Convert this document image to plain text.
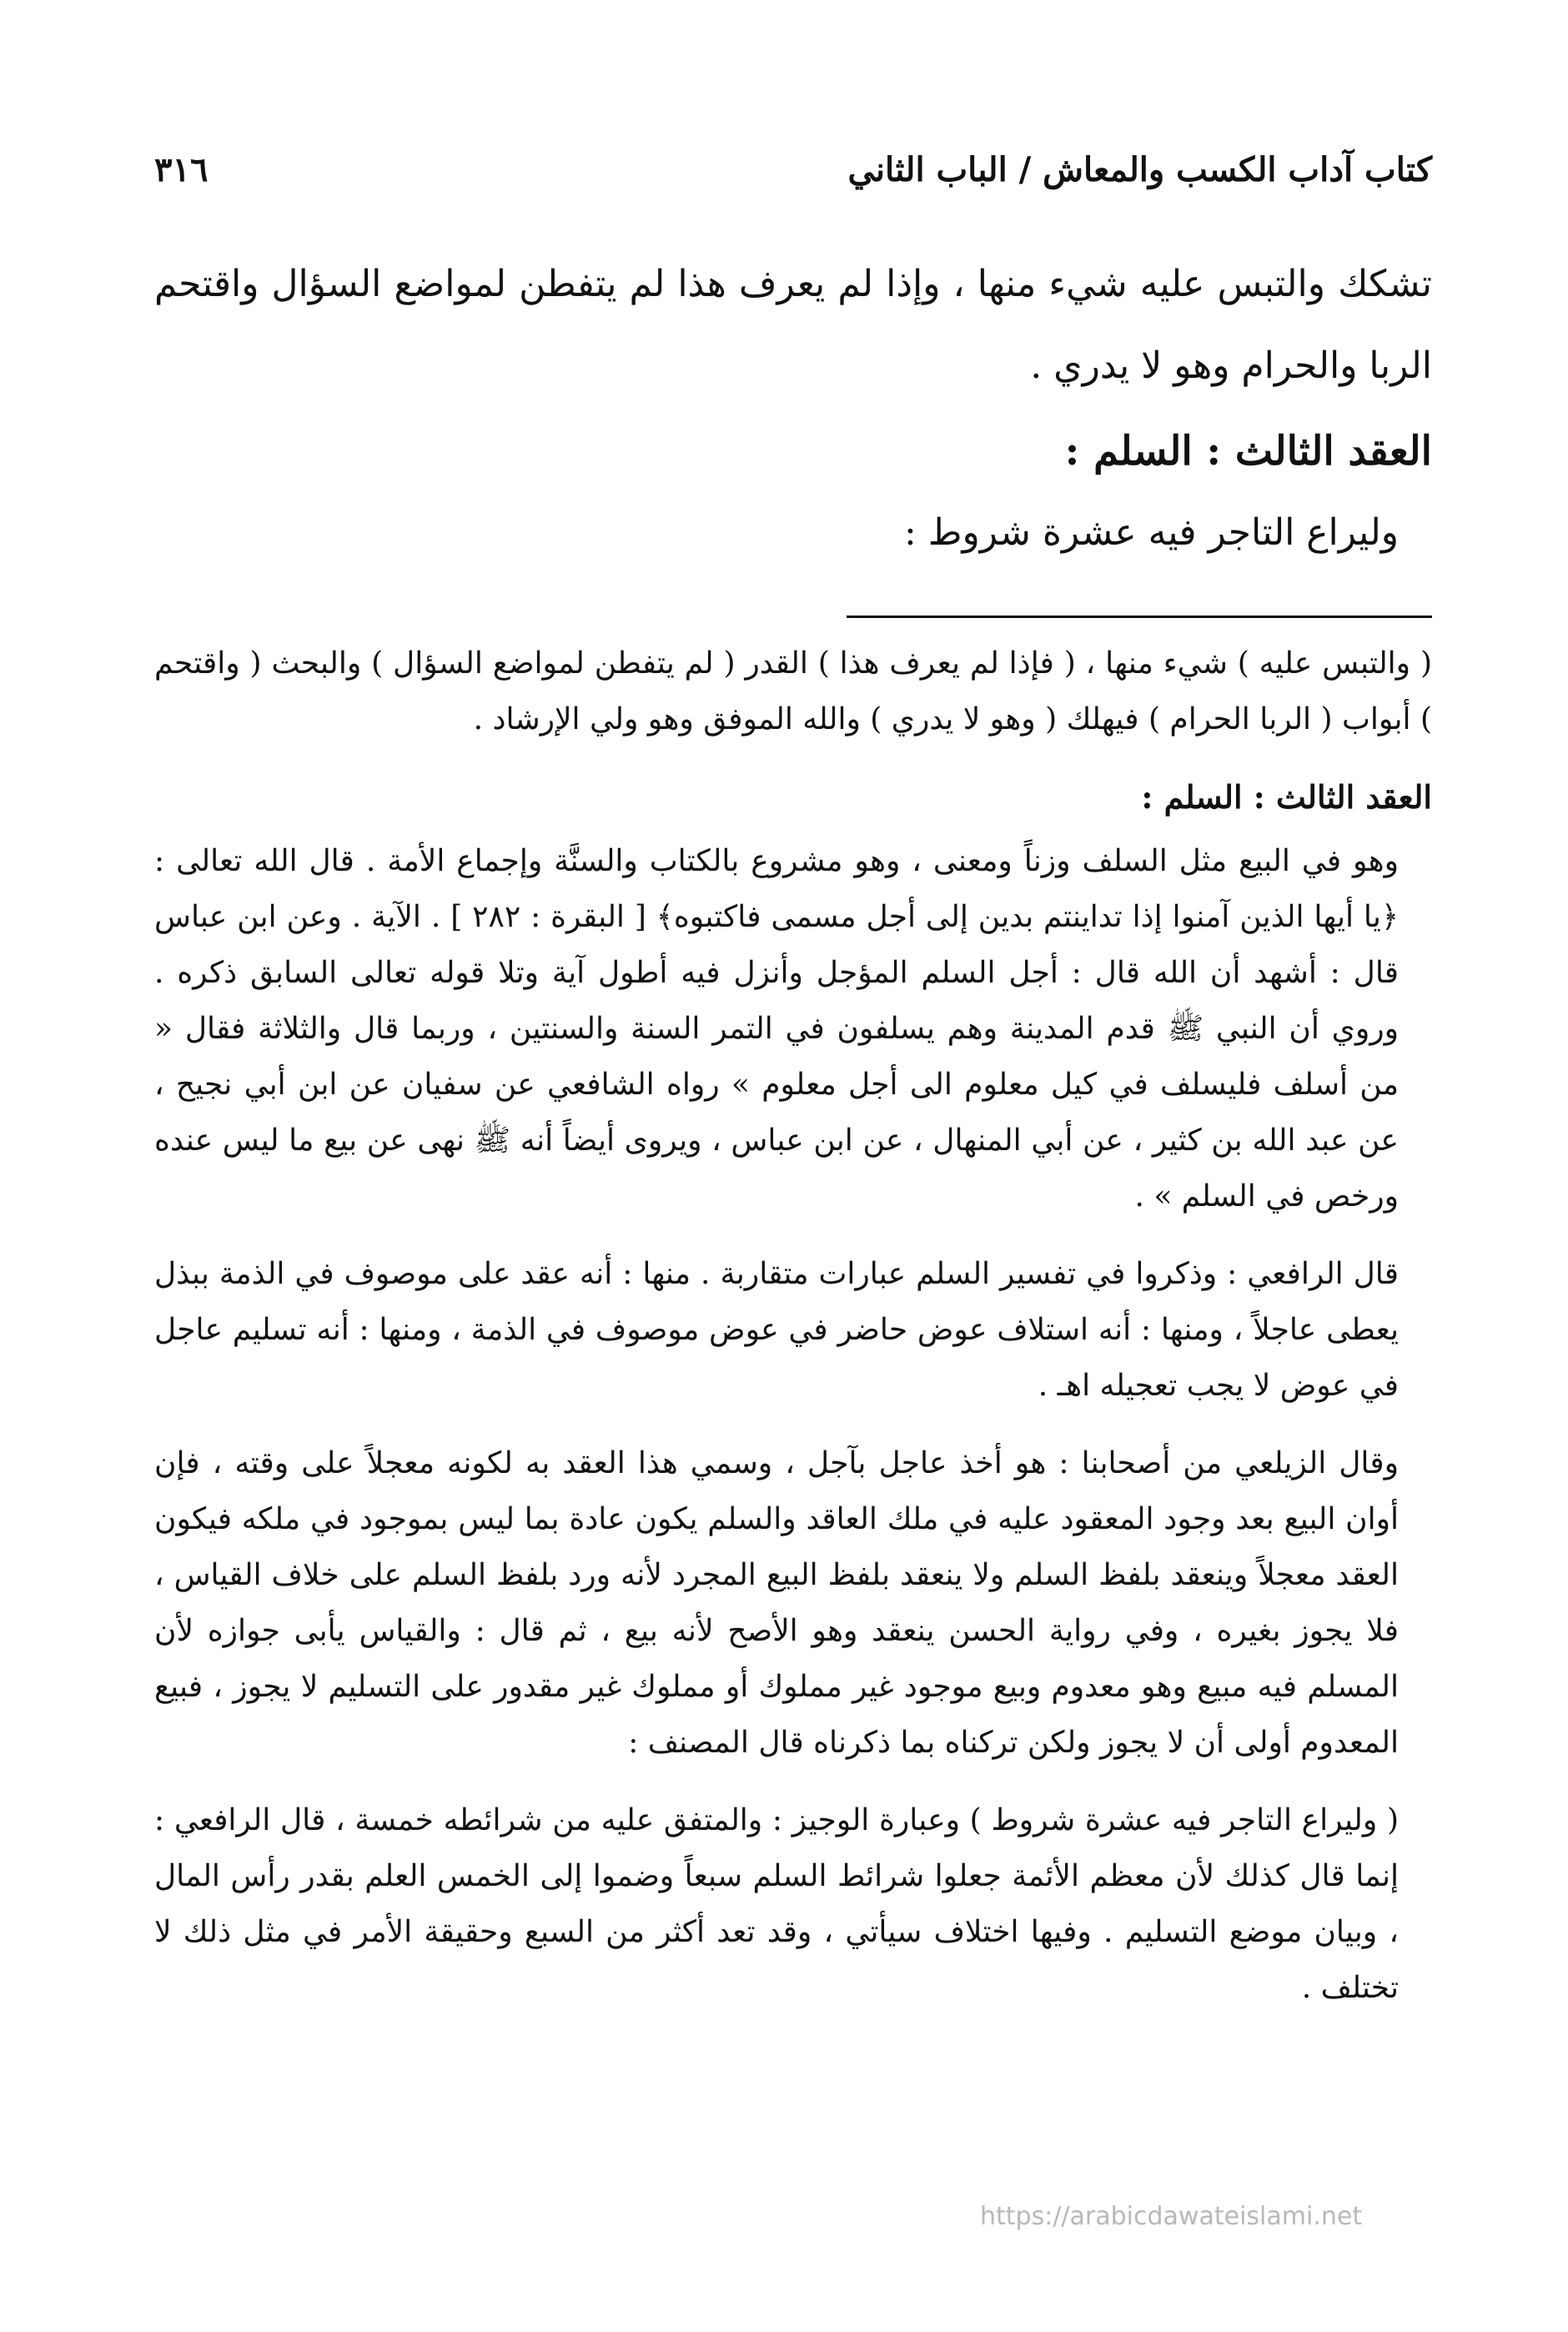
كتاب آداب الكسب والمعاش / الباب الثاني
٣١٦

تشكك والتبس عليه شيء منها ، وإذا لم يعرف هذا لم يتفطن لمواضع السؤال واقتحم الربا والحرام وهو لا يدري .

العقد الثالث : السلم :

وليراع التاجر فيه عشرة شروط :

( والتبس عليه ) شيء منها ، ( فإذا لم يعرف هذا ) القدر ( لم يتفطن لمواضع السؤال ) والبحث ( واقتحم ) أبواب ( الربا الحرام ) فيهلك ( وهو لا يدري ) والله الموفق وهو ولي الإرشاد .

العقد الثالث : السلم :

وهو في البيع مثل السلف وزناً ومعنى ، وهو مشروع بالكتاب والسنَّة وإجماع الأمة . قال الله تعالى : ﴿يا أيها الذين آمنوا إذا تداينتم بدين إلى أجل مسمى فاكتبوه﴾ [ البقرة : ٢٨٢ ] . الآية . وعن ابن عباس قال : أشهد أن الله قال : أجل السلم المؤجل وأنزل فيه أطول آية وتلا قوله تعالى السابق ذكره . وروي أن النبي ﷺ قدم المدينة وهم يسلفون في التمر السنة والسنتين ، وربما قال والثلاثة فقال « من أسلف فليسلف في كيل معلوم الى أجل معلوم » رواه الشافعي عن سفيان عن ابن أبي نجيح ، عن عبد الله بن كثير ، عن أبي المنهال ، عن ابن عباس ، ويروى أيضاً أنه ﷺ نهى عن بيع ما ليس عنده ورخص في السلم » .

قال الرافعي : وذكروا في تفسير السلم عبارات متقاربة . منها : أنه عقد على موصوف في الذمة ببذل يعطى عاجلاً ، ومنها : أنه استلاف عوض حاضر في عوض موصوف في الذمة ، ومنها : أنه تسليم عاجل في عوض لا يجب تعجيله اهـ .

وقال الزيلعي من أصحابنا : هو أخذ عاجل بآجل ، وسمي هذا العقد به لكونه معجلاً على وقته ، فإن أوان البيع بعد وجود المعقود عليه في ملك العاقد والسلم يكون عادة بما ليس بموجود في ملكه فيكون العقد معجلاً وينعقد بلفظ السلم ولا ينعقد بلفظ البيع المجرد لأنه ورد بلفظ السلم على خلاف القياس ، فلا يجوز بغيره ، وفي رواية الحسن ينعقد وهو الأصح لأنه بيع ، ثم قال : والقياس يأبى جوازه لأن المسلم فيه مبيع وهو معدوم وبيع موجود غير مملوك أو مملوك غير مقدور على التسليم لا يجوز ، فبيع المعدوم أولى أن لا يجوز ولكن تركناه بما ذكرناه قال المصنف :

( وليراع التاجر فيه عشرة شروط ) وعبارة الوجيز : والمتفق عليه من شرائطه خمسة ، قال الرافعي : إنما قال كذلك لأن معظم الأئمة جعلوا شرائط السلم سبعاً وضموا إلى الخمس العلم بقدر رأس المال ، وبيان موضع التسليم . وفيها اختلاف سيأتي ، وقد تعد أكثر من السبع وحقيقة الأمر في مثل ذلك لا تختلف .

https://arabicdawateislami.net
